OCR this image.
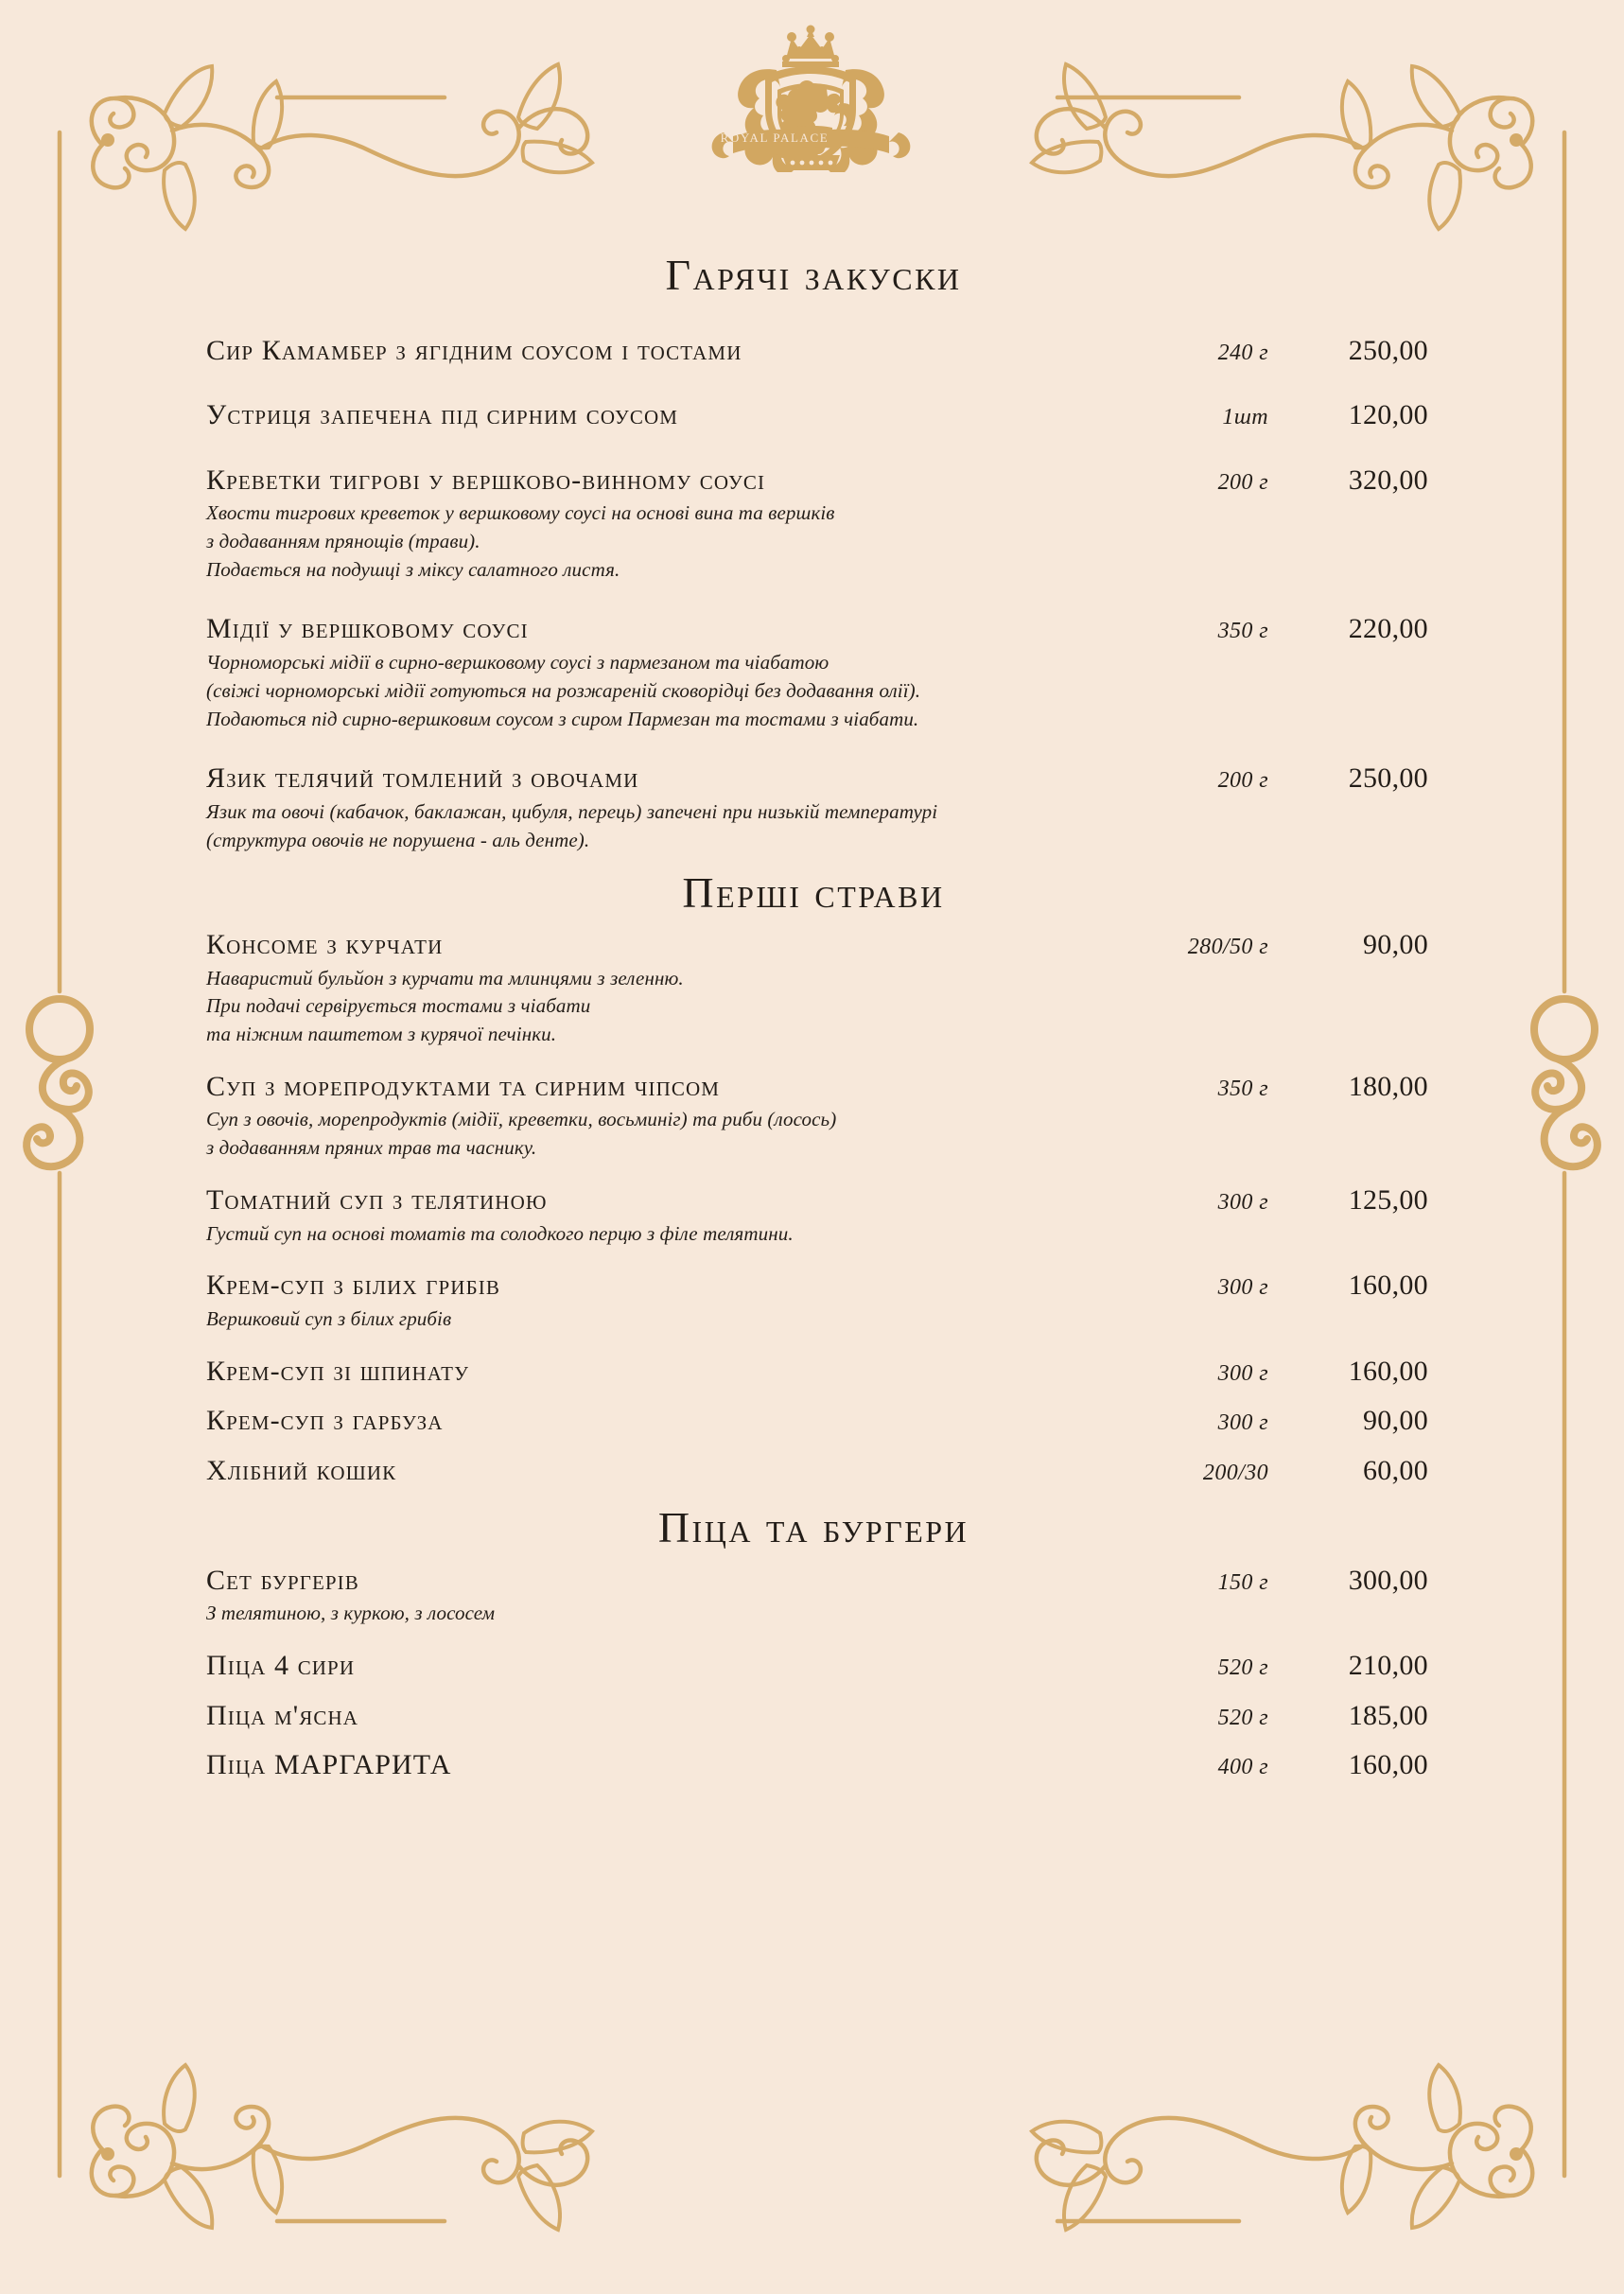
ROYAL PALACE
Гарячі закуски
Сир Камамбер з ягідним соусом і тостами	240 г	250,00
Устриця запечена під сирним соусом	1шт	120,00
Креветки тигрові у вершково-винному соусі	200 г	320,00

Хвости тигрових креветок у вершковому соусі на основі вина та вершків

з додаванням прянощів (трави).

Подається на подушці з міксу салатного листя.

Мідії у вершковому соусі	350 г	220,00

Чорноморські мідії в сирно-вершковому соусі з пармезаном та чіабатою

(свіжі чорноморські мідії готуються на розжареній сковорідці без додавання олії).

Подаються під сирно-вершковим соусом з сиром Пармезан та тостами з чіабати.

Язик телячий томлений з овочами	200 г	250,00

Язик та овочі (кабачок, баклажан, цибуля, перець) запечені при низькій температурі

(структура овочів не порушена - аль денте).

Перші страви
Консоме з курчати	280/50 г	90,00

Наваристий бульйон з курчати та млинцями з зеленню.

При подачі сервірується тостами з чіабати

та ніжним паштетом з курячої печінки.

Суп з морепродуктами та сирним чіпсом	350 г	180,00

Суп з овочів, морепродуктів (мідії, креветки, восьминіг) та риби (лосось)

з додаванням пряних трав та часнику.

Томатний суп з телятиною	300 г	125,00

Густий суп на основі томатів та солодкого перцю з філе телятини.

Крем-суп з білих грибів	300 г	160,00

Вершковий суп з білих грибів

Крем-суп зі шпинату	300 г	160,00
Крем-суп з гарбуза	300 г	90,00
Хлібний кошик	200/30	60,00
Піца та бургери
Сет бургерів	150 г	300,00

З телятиною, з куркою, з лососем

Піца 4 сири	520 г	210,00
Піца м'ясна	520 г	185,00
Піца МАРГАРИТА	400 г	160,00
